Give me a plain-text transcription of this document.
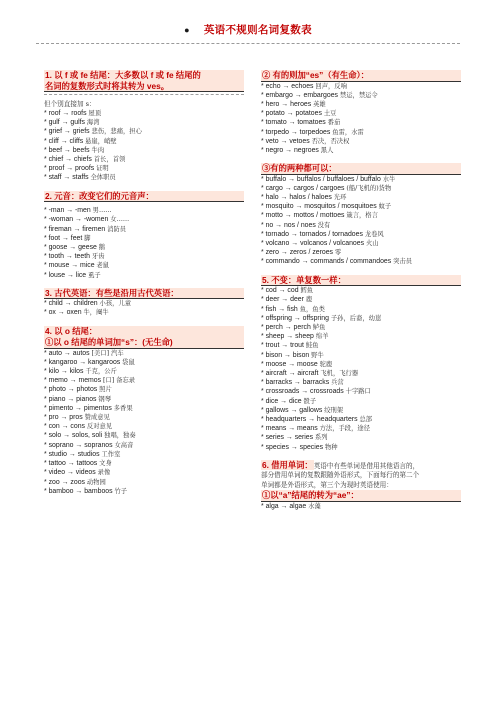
● 英语不规则名词复数表
1. 以 f 或 fe 结尾：大多数以 f 或 fe 结尾的
名词的复数形式时将其转为 ves。
但个别直接加 s：
* roof → roofs 屋顶
* gulf → gulfs 海湾
* grief → griefs 悲伤，悲痛，担心
* cliff → cliffs 悬崖，峭壁
* beef → beefs 牛肉
* chief → chiefs 首长，首领
* proof → proofs 证明
* staff → staffs 全体职员
2. 元音：改变它们的元音声：
* -man → -men 男……
* -woman → -women 女……
* fireman → firemen 消防员
* foot → feet 脚
* goose → geese 鹅
* tooth → teeth 牙齿
* mouse → mice 老鼠
* louse → lice 虱子
3. 古代英语：有些是沿用古代英语：
* child → children 小孩，儿童
* ox → oxen 牛，阉牛
4. 以 o 结尾：
①以 o 结尾的单词加“s”：(无生命)
* auto → autos [美口] 汽车
* kangaroo → kangaroos 袋鼠
* kilo → kilos 千克，公斤
* memo → memos [口] 备忘录
* photo → photos 照片
* piano → pianos 钢琴
* pimento → pimentos 多香果
* pro → pros 赞成意见
* con → cons 反对意见
* solo → solos, soli 独唱，独奏
* soprano → sopranos 女高音
* studio → studios 工作室
* tattoo → tattoos 文身
* video → videos 录像
* zoo → zoos 动物园
* bamboo → bamboos 竹子
② 有的则加“es”（有生命）：
* echo → echoes 回声，反响
* embargo → embargoes 禁运，禁运令
* hero → heroes 英雄
* potato → potatoes 土豆
* tomato → tomatoes 番茄
* torpedo → torpedoes 鱼雷，水雷
* veto → vetoes 否决，否决权
* negro → negroes 黑人
③有的两种都可以：
* buffalo → buffalos / buffaloes / buffalo 水牛
* cargo → cargos / cargoes (船/飞机的)货物
* halo → halos / haloes 光环
* mosquito → mosquitos / mosquitoes 蚊子
* motto → mottos / mottoes 箴言，格言
* no → nos / noes 没有
* tornado → tornados / tornadoes 龙卷风
* volcano → volcanos / volcanoes 火山
* zero → zeros / zeroes 零
* commando → commands / commandoes 突击员
5. 不变：单复数一样：
* cod → cod 鳕鱼
* deer → deer 鹿
* fish → fish 鱼，鱼类
* offspring → offspring 子孙，后裔，幼崽
* perch → perch 鲈鱼
* sheep → sheep 绵羊
* trout → trout 鲑鱼
* bison → bison 野牛
* moose → moose 驼鹿
* aircraft → aircraft 飞机，飞行器
* barracks → barracks 兵营
* crossroads → crossroads 十字路口
* dice → dice 骰子
* gallows → gallows 绞刑架
* headquarters → headquarters 总部
* means → means 方法，手段，途径
* series → series 系列
* species → species 物种
6. 借用单词：英语中有些单词是借用其他语言的，
部分借用单词的复数跟随外语形式，下面每行的第二个
单词都是外语形式，第三个为现时英语使用：
①以“a”结尾的转为“ae”：
* alga → algae 水藻
